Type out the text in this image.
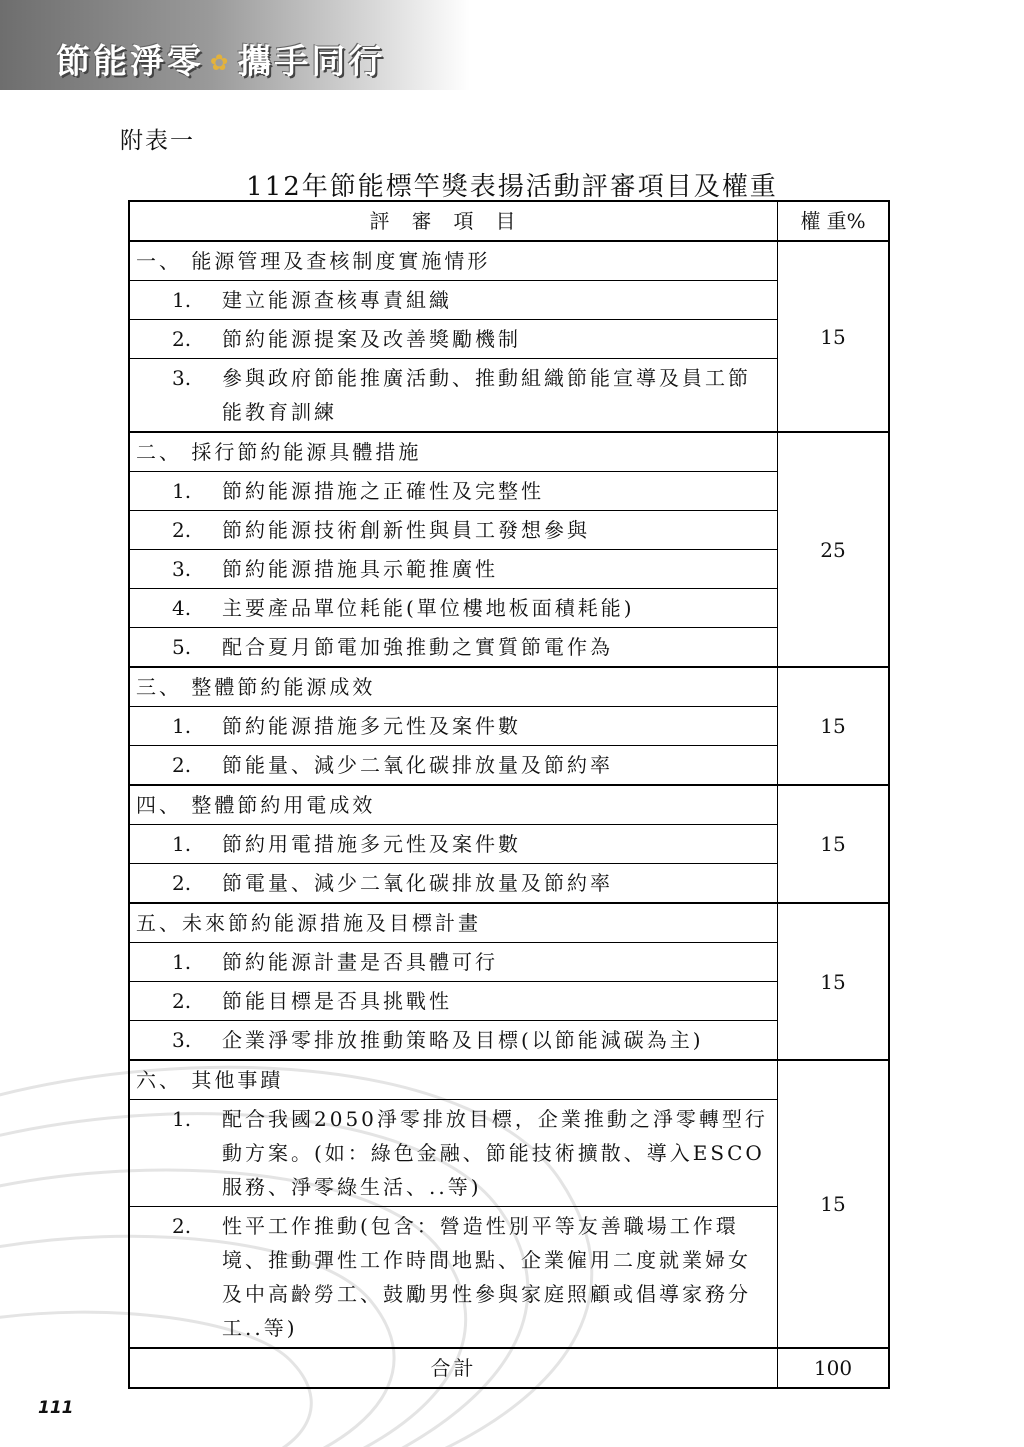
節能淨零 ✿ 攜手同行
附表一
112年節能標竿獎表揚活動評審項目及權重
評審項目	權 重%
一、 能源管理及查核制度實施情形	15

1. 建立能源查核專責組織	

2. 節約能源提案及改善獎勵機制	

3. 參與政府節能推廣活動、推動組織節能宣導及員工節能教育訓練	

二、 採行節約能源具體措施	25

1. 節約能源措施之正確性及完整性	

2. 節約能源技術創新性與員工發想參與	

3. 節約能源措施具示範推廣性	

4. 主要產品單位耗能(單位樓地板面積耗能)	

5. 配合夏月節電加強推動之實質節電作為	

三、 整體節約能源成效	15

1. 節約能源措施多元性及案件數	

2. 節能量、減少二氧化碳排放量及節約率	

四、 整體節約用電成效	15

1. 節約用電措施多元性及案件數	

2. 節電量、減少二氧化碳排放量及節約率	

五、未來節約能源措施及目標計畫	15

1. 節約能源計畫是否具體可行	

2. 節能目標是否具挑戰性	

3. 企業淨零排放推動策略及目標(以節能減碳為主)	

六、 其他事蹟	15

1. 配合我國2050淨零排放目標，企業推動之淨零轉型行動方案。(如：綠色金融、節能技術擴散、導入ESCO服務、淨零綠生活、..等)	

2. 性平工作推動(包含：營造性別平等友善職場工作環境、推動彈性工作時間地點、企業僱用二度就業婦女及中高齡勞工、鼓勵男性參與家庭照顧或倡導家務分工..等)	

合計	100
111
